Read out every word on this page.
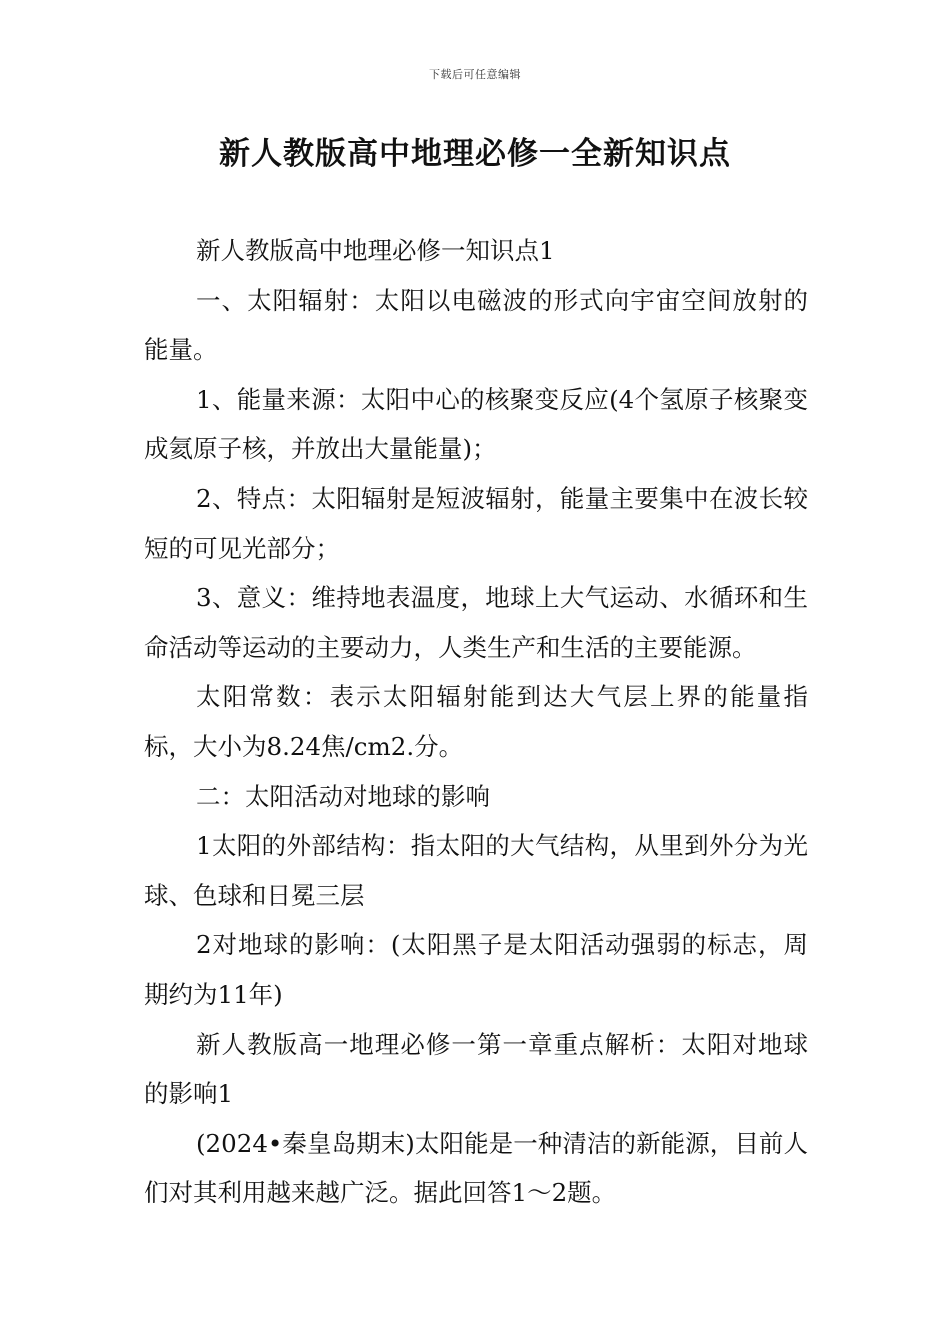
下载后可任意编辑
新人教版高中地理必修一全新知识点

新人教版高中地理必修一知识点1

一、太阳辐射：太阳以电磁波的形式向宇宙空间放射的能量。

1、能量来源：太阳中心的核聚变反应(4个氢原子核聚变成氦原子核，并放出大量能量)；

2、特点：太阳辐射是短波辐射，能量主要集中在波长较短的可见光部分；

3、意义：维持地表温度，地球上大气运动、水循环和生命活动等运动的主要动力，人类生产和生活的主要能源。

太阳常数：表示太阳辐射能到达大气层上界的能量指标，大小为8.24焦/cm2.分。

二：太阳活动对地球的影响

1太阳的外部结构：指太阳的大气结构，从里到外分为光球、色球和日冕三层

2对地球的影响：(太阳黑子是太阳活动强弱的标志，周期约为11年)

新人教版高一地理必修一第一章重点解析：太阳对地球的影响1

(2024•秦皇岛期末)太阳能是一种清洁的新能源，目前人们对其利用越来越广泛。据此回答1～2题。
